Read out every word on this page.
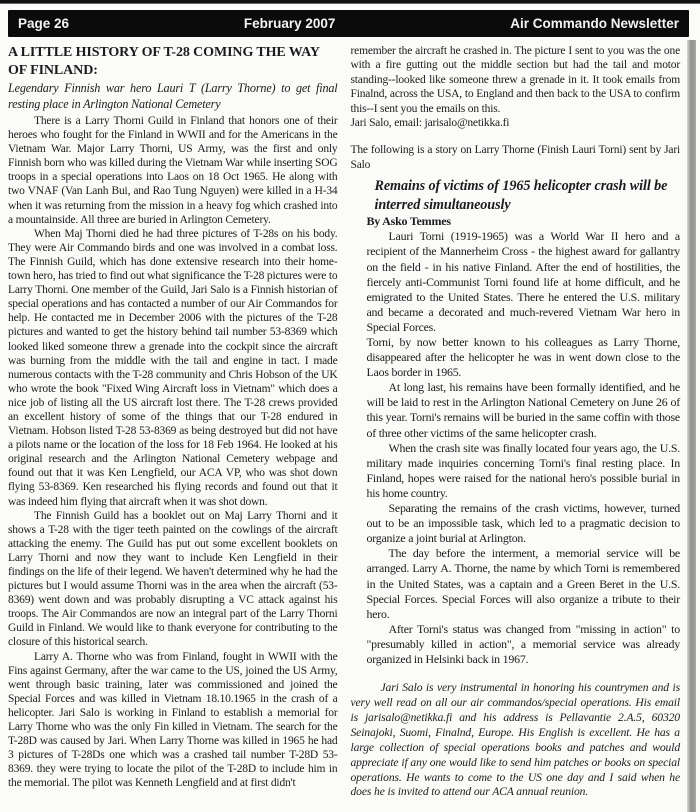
Page 26	February 2007	Air Commando Newsletter
A LITTLE HISTORY OF T-28 COMING THE WAY OF FINLAND:

Legendary Finnish war hero Lauri T (Larry Thorne) to get final resting place in Arlington National Cemetery

There is a Larry Thorni Guild in Finland that honors one of their heroes who fought for the Finland in WWII and for the Americans in the Vietnam War. Major Larry Thorni, US Army, was the first and only Finnish born who was killed during the Vietnam War while inserting SOG troops in a special operations into Laos on 18 Oct 1965. He along with two VNAF (Van Lanh Bui, and Rao Tung Nguyen) were killed in a H-34 when it was returning from the mission in a heavy fog which crashed into a mountainside. All three are buried in Arlington Cemetery.

When Maj Thorni died he had three pictures of T-28s on his body. They were Air Commando birds and one was involved in a combat loss. The Finnish Guild, which has done extensive research into their home-town hero, has tried to find out what significance the T-28 pictures were to Larry Thorni. One member of the Guild, Jari Salo is a Finnish historian of special operations and has contacted a number of our Air Commandos for help. He contacted me in December 2006 with the pictures of the T-28 pictures and wanted to get the history behind tail number 53-8369 which looked liked someone threw a grenade into the cockpit since the aircraft was burning from the middle with the tail and engine in tact. I made numerous contacts with the T-28 community and Chris Hobson of the UK who wrote the book "Fixed Wing Aircraft loss in Vietnam" which does a nice job of listing all the US aircraft lost there. The T-28 crews provided an excellent history of some of the things that our T-28 endured in Vietnam. Hobson listed T-28 53-8369 as being destroyed but did not have a pilots name or the location of the loss for 18 Feb 1964. He looked at his original research and the Arlington National Cemetery webpage and found out that it was Ken Lengfield, our ACA VP, who was shot down flying 53-8369. Ken researched his flying records and found out that it was indeed him flying that aircraft when it was shot down.

The Finnish Guild has a booklet out on Maj Larry Thorni and it shows a T-28 with the tiger teeth painted on the cowlings of the aircraft attacking the enemy. The Guild has put out some excellent booklets on Larry Thorni and now they want to include Ken Lengfield in their findings on the life of their legend. We haven't determined why he had the pictures but I would assume Thorni was in the area when the aircraft (53-8369) went down and was probably disrupting a VC attack against his troops. The Air Commandos are now an integral part of the Larry Thorni Guild in Finland. We would like to thank everyone for contributing to the closure of this historical search.

Larry A. Thorne who was from Finland, fought in WWII with the Fins against Germany, after the war came to the US, joined the US Army, went through basic training, later was commissioned and joined the Special Forces and was killed in Vietnam 18.10.1965 in the crash of a helicopter. Jari Salo is working in Finland to establish a memorial for Larry Thorne who was the only Fin killed in Vietnam. The search for the T-28D was caused by Jari. When Larry Thorne was killed in 1965 he had 3 pictures of T-28Ds one which was a crashed tail number T-28D 53-8369. they were trying to locate the pilot of the T-28D to include him in the memorial. The pilot was Kenneth Lengfield and at first didn't

remember the aircraft he crashed in. The picture I sent to you was the one with a fire gutting out the middle section but had the tail and motor standing--looked like someone threw a grenade in it. It took emails from Finalnd, across the USA, to England and then back to the USA to confirm this--I sent you the emails on this.

Jari Salo, email: jarisalo@netikka.fi

The following is a story on Larry Thorne (Finish Lauri Torni) sent by Jari Salo

Remains of victims of 1965 helicopter crash will be interred simultaneously

By Asko Temmes

Lauri Torni (1919-1965) was a World War II hero and a recipient of the Mannerheim Cross - the highest award for gallantry on the field - in his native Finland. After the end of hostilities, the fiercely anti-Communist Torni found life at home difficult, and he emigrated to the United States. There he entered the U.S. military and became a decorated and much-revered Vietnam War hero in Special Forces.

Torni, by now better known to his colleagues as Larry Thorne, disappeared after the helicopter he was in went down close to the Laos border in 1965.

At long last, his remains have been formally identified, and he will be laid to rest in the Arlington National Cemetery on June 26 of this year. Torni's remains will be buried in the same coffin with those of three other victims of the same helicopter crash.

When the crash site was finally located four years ago, the U.S. military made inquiries concerning Torni's final resting place. In Finland, hopes were raised for the national hero's possible burial in his home country.

Separating the remains of the crash victims, however, turned out to be an impossible task, which led to a pragmatic decision to organize a joint burial at Arlington.

The day before the interment, a memorial service will be arranged. Larry A. Thorne, the name by which Torni is remembered in the United States, was a captain and a Green Beret in the U.S. Special Forces. Special Forces will also organize a tribute to their hero.

After Torni's status was changed from "missing in action" to "presumably killed in action", a memorial service was already organized in Helsinki back in 1967.

Jari Salo is very instrumental in honoring his countrymen and is very well read on all our air commandos/special operations. His email is jarisalo@netikka.fi and his address is Pellavantie 2.A.5, 60320 Seinajoki, Suomi, Finalnd, Europe. His English is excellent. He has a large collection of special operations books and patches and would appreciate if any one would like to send him patches or books on special operations. He wants to come to the US one day and I said when he does he is invited to attend our ACA annual reunion.
